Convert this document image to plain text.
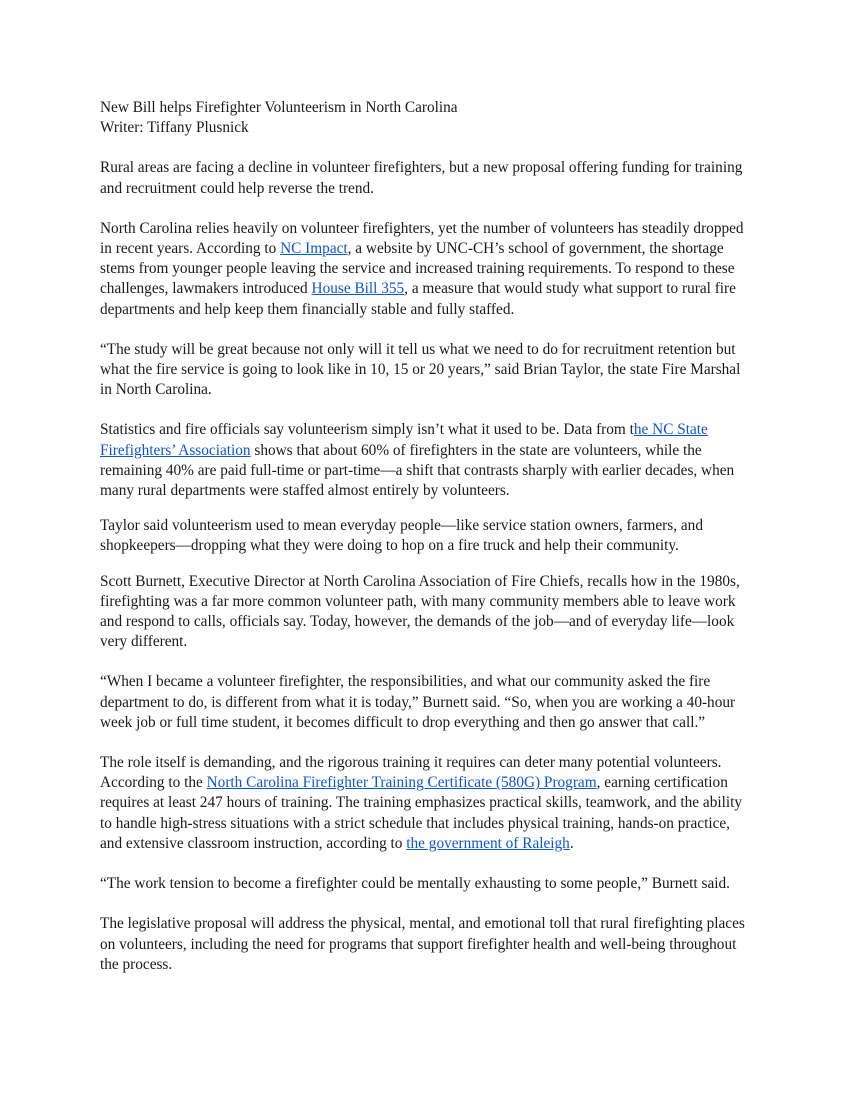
New Bill helps Firefighter Volunteerism in North Carolina

Writer: Tiffany Plusnick

Rural areas are facing a decline in volunteer firefighters, but a new proposal offering funding for training and recruitment could help reverse the trend.

North Carolina relies heavily on volunteer firefighters, yet the number of volunteers has steadily dropped in recent years. According to NC Impact, a website by UNC-CH’s school of government, the shortage stems from younger people leaving the service and increased training requirements. To respond to these challenges, lawmakers introduced House Bill 355, a measure that would study what support to rural fire departments and help keep them financially stable and fully staffed.

“The study will be great because not only will it tell us what we need to do for recruitment retention but what the fire service is going to look like in 10, 15 or 20 years,” said Brian Taylor, the state Fire Marshal in North Carolina.

Statistics and fire officials say volunteerism simply isn’t what it used to be. Data from the NC State Firefighters’ Association shows that about 60% of firefighters in the state are volunteers, while the remaining 40% are paid full-time or part-time—a shift that contrasts sharply with earlier decades, when many rural departments were staffed almost entirely by volunteers.

Taylor said volunteerism used to mean everyday people—like service station owners, farmers, and shopkeepers—dropping what they were doing to hop on a fire truck and help their community.

Scott Burnett, Executive Director at North Carolina Association of Fire Chiefs, recalls how in the 1980s, firefighting was a far more common volunteer path, with many community members able to leave work and respond to calls, officials say. Today, however, the demands of the job—and of everyday life—look very different.

“When I became a volunteer firefighter, the responsibilities, and what our community asked the fire department to do, is different from what it is today,” Burnett said. “So, when you are working a 40-hour week job or full time student, it becomes difficult to drop everything and then go answer that call.”

The role itself is demanding, and the rigorous training it requires can deter many potential volunteers. According to the North Carolina Firefighter Training Certificate (580G) Program, earning certification requires at least 247 hours of training. The training emphasizes practical skills, teamwork, and the ability to handle high-stress situations with a strict schedule that includes physical training, hands-on practice, and extensive classroom instruction, according to the government of Raleigh.

“The work tension to become a firefighter could be mentally exhausting to some people,” Burnett said.

The legislative proposal will address the physical, mental, and emotional toll that rural firefighting places on volunteers, including the need for programs that support firefighter health and well-being throughout the process.
